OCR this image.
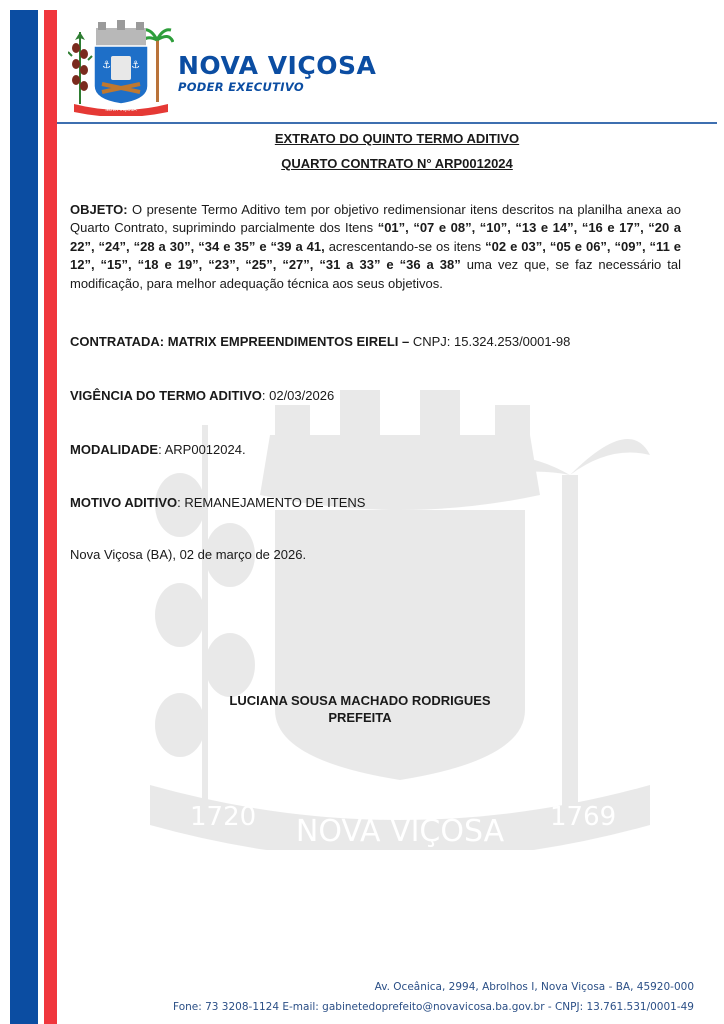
⚓ ⚓
NOVA VIÇOSA
NOVA VIÇOSA
PODER EXECUTIVO
1720 NOVA VIÇOSA 1769
EXTRATO DO QUINTO TERMO ADITIVO
QUARTO CONTRATO N° ARP0012024
OBJETO: O presente Termo Aditivo tem por objetivo redimensionar itens descritos na planilha anexa ao Quarto Contrato, suprimindo parcialmente dos Itens “01”, “07 e 08”, “10”, “13 e 14”, “16 e 17”, “20 a 22”, “24”, “28 a 30”, “34 e 35” e “39 a 41, acrescentando-se os itens “02 e 03”, “05 e 06”, “09”, “11 e 12”, “15”, “18 e 19”, “23”, “25”, “27”, “31 a 33” e “36 a 38” uma vez que, se faz necessário tal modificação, para melhor adequação técnica aos seus objetivos.
CONTRATADA: MATRIX EMPREENDIMENTOS EIRELI – CNPJ: 15.324.253/0001-98
VIGÊNCIA DO TERMO ADITIVO: 02/03/2026
MODALIDADE: ARP0012024.
MOTIVO ADITIVO: REMANEJAMENTO DE ITENS
Nova Viçosa (BA), 02 de março de 2026.
LUCIANA SOUSA MACHADO RODRIGUES
PREFEITA
Av. Oceânica, 2994, Abrolhos I, Nova Viçosa - BA, 45920-000
Fone: 73 3208-1124 E-mail: gabinetedoprefeito@novavicosa.ba.gov.br - CNPJ: 13.761.531/0001-49
